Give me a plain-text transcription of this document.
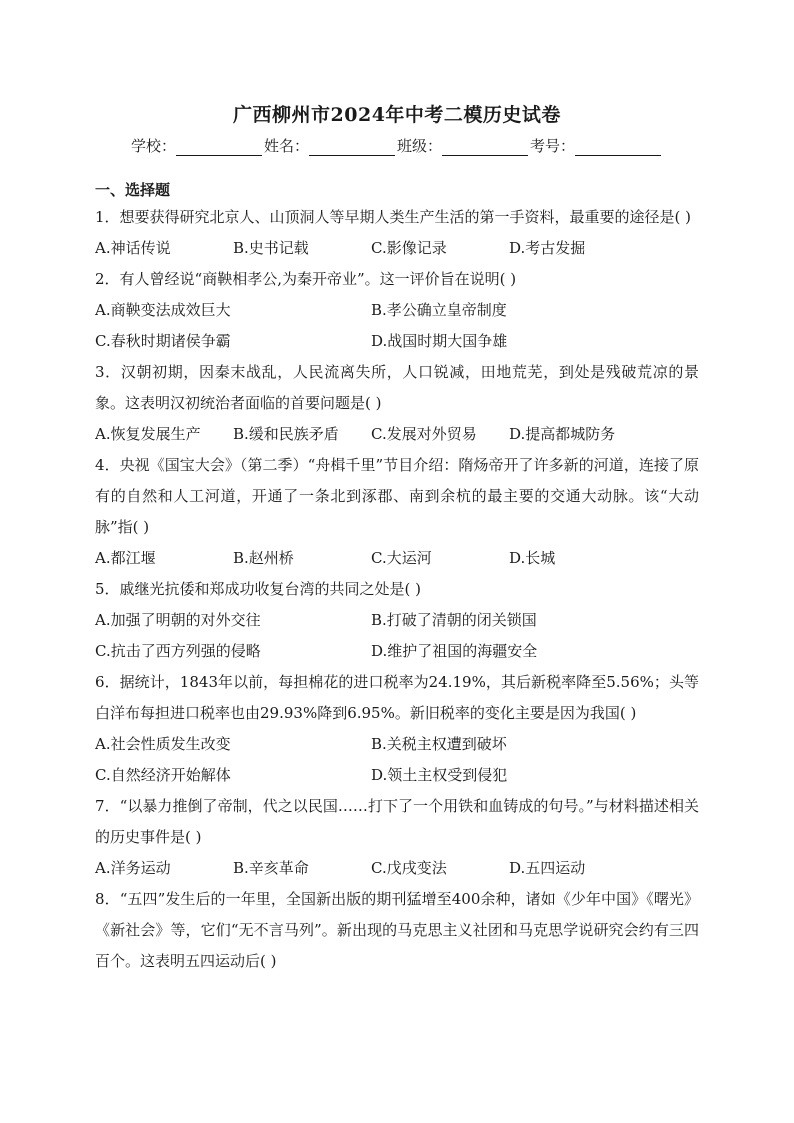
广西柳州市2024年中考二模历史试卷
学校：	姓名：	班级：	考号：
一、选择题
1．想要获得研究北京人、山顶洞人等早期人类生产生活的第一手资料，最重要的途径是( )
A.神话传说	B.史书记载	C.影像记录	D.考古发掘
2．有人曾经说“商鞅相孝公,为秦开帝业”。这一评价旨在说明( )
A.商鞅变法成效巨大	B.孝公确立皇帝制度
C.春秋时期诸侯争霸	D.战国时期大国争雄
3．汉朝初期，因秦末战乱，人民流离失所，人口锐减，田地荒芜，到处是残破荒凉的景象。这表明汉初统治者面临的首要问题是( )
A.恢复发展生产	B.缓和民族矛盾	C.发展对外贸易	D.提高都城防务
4．央视《国宝大会》（第二季）“舟楫千里”节目介绍：隋炀帝开了许多新的河道，连接了原有的自然和人工河道，开通了一条北到涿郡、南到余杭的最主要的交通大动脉。该“大动脉”指( )
A.都江堰	B.赵州桥	C.大运河	D.长城
5．戚继光抗倭和郑成功收复台湾的共同之处是( )
A.加强了明朝的对外交往	B.打破了清朝的闭关锁国
C.抗击了西方列强的侵略	D.维护了祖国的海疆安全
6．据统计，1843年以前，每担棉花的进口税率为24.19%，其后新税率降至5.56%；头等白洋布每担进口税率也由29.93%降到6.95%。新旧税率的变化主要是因为我国( )
A.社会性质发生改变	B.关税主权遭到破坏
C.自然经济开始解体	D.领土主权受到侵犯
7．“以暴力推倒了帝制，代之以民国……打下了一个用铁和血铸成的句号。”与材料描述相关的历史事件是( )
A.洋务运动	B.辛亥革命	C.戊戌变法	D.五四运动
8．“五四”发生后的一年里，全国新出版的期刊猛增至400余种，诸如《少年中国》《曙光》《新社会》等，它们“无不言马列”。新出现的马克思主义社团和马克思学说研究会约有三四百个。这表明五四运动后( )
